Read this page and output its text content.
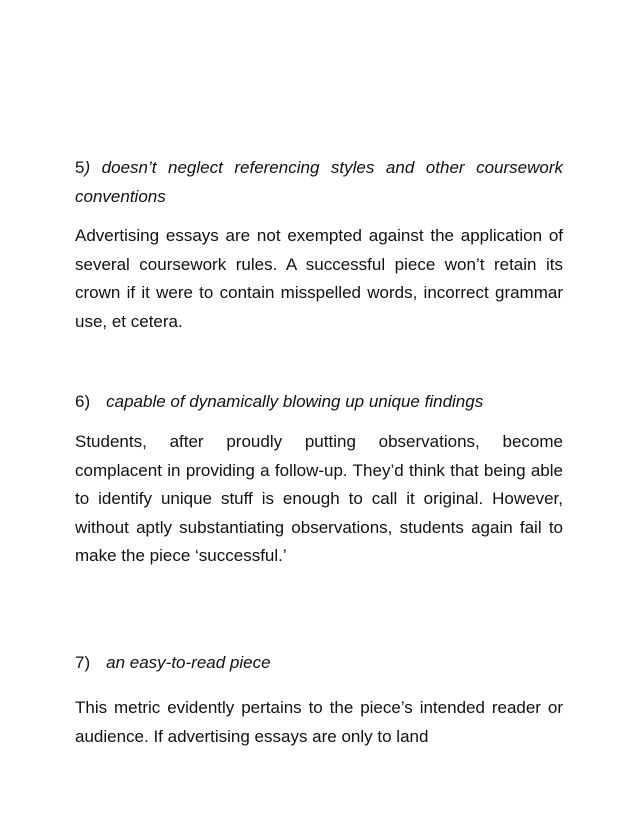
5) doesn’t neglect referencing styles and other coursework conventions

Advertising essays are not exempted against the application of several coursework rules. A successful piece won’t retain its crown if it were to contain misspelled words, incorrect grammar use, et cetera.

6) capable of dynamically blowing up unique findings

Students, after proudly putting observations, become complacent in providing a follow-up. They’d think that being able to identify unique stuff is enough to call it original. However, without aptly substantiating observations, students again fail to make the piece ‘successful.’

7) an easy-to-read piece

This metric evidently pertains to the piece’s intended reader or audience. If advertising essays are only to land
